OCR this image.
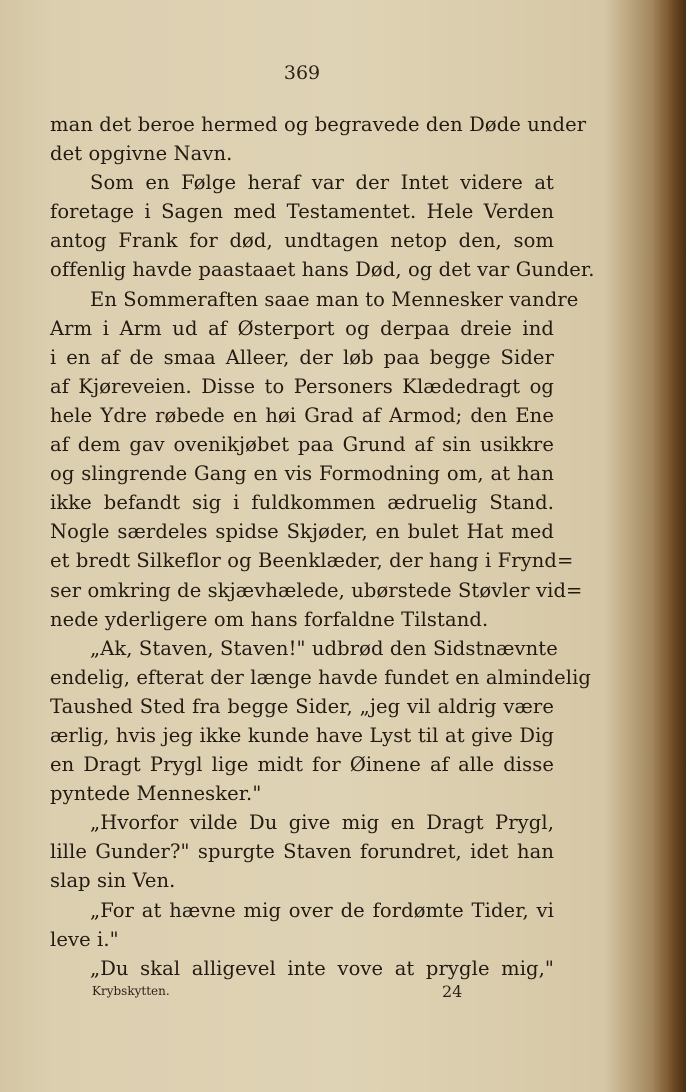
369
man det beroe hermed og begravede den Døde under
det opgivne Navn.
Som en Følge heraf var der Intet videre at
foretage i Sagen med Testamentet. Hele Verden
antog Frank for død, undtagen netop den, som
offenlig havde paastaaet hans Død, og det var Gunder.
En Sommeraften saae man to Mennesker vandre
Arm i Arm ud af Østerport og derpaa dreie ind
i en af de smaa Alleer, der løb paa begge Sider
af Kjøreveien. Disse to Personers Klædedragt og
hele Ydre røbede en høi Grad af Armod; den Ene
af dem gav ovenikjøbet paa Grund af sin usikkre
og slingrende Gang en vis Formodning om, at han
ikke befandt sig i fuldkommen ædruelig Stand.
Nogle særdeles spidse Skjøder, en bulet Hat med
et bredt Silkeflor og Beenklæder, der hang i Frynd=
ser omkring de skjævhælede, ubørstede Støvler vid=
nede yderligere om hans forfaldne Tilstand.
„Ak, Staven, Staven!" udbrød den Sidstnævnte
endelig, efterat der længe havde fundet en almindelig
Taushed Sted fra begge Sider, „jeg vil aldrig være
ærlig, hvis jeg ikke kunde have Lyst til at give Dig
en Dragt Prygl lige midt for Øinene af alle disse
pyntede Mennesker."
„Hvorfor vilde Du give mig en Dragt Prygl,
lille Gunder?" spurgte Staven forundret, idet han
slap sin Ven.
„For at hævne mig over de fordømte Tider, vi
leve i."
„Du skal alligevel inte vove at prygle mig,"
Krybskytten.	24
